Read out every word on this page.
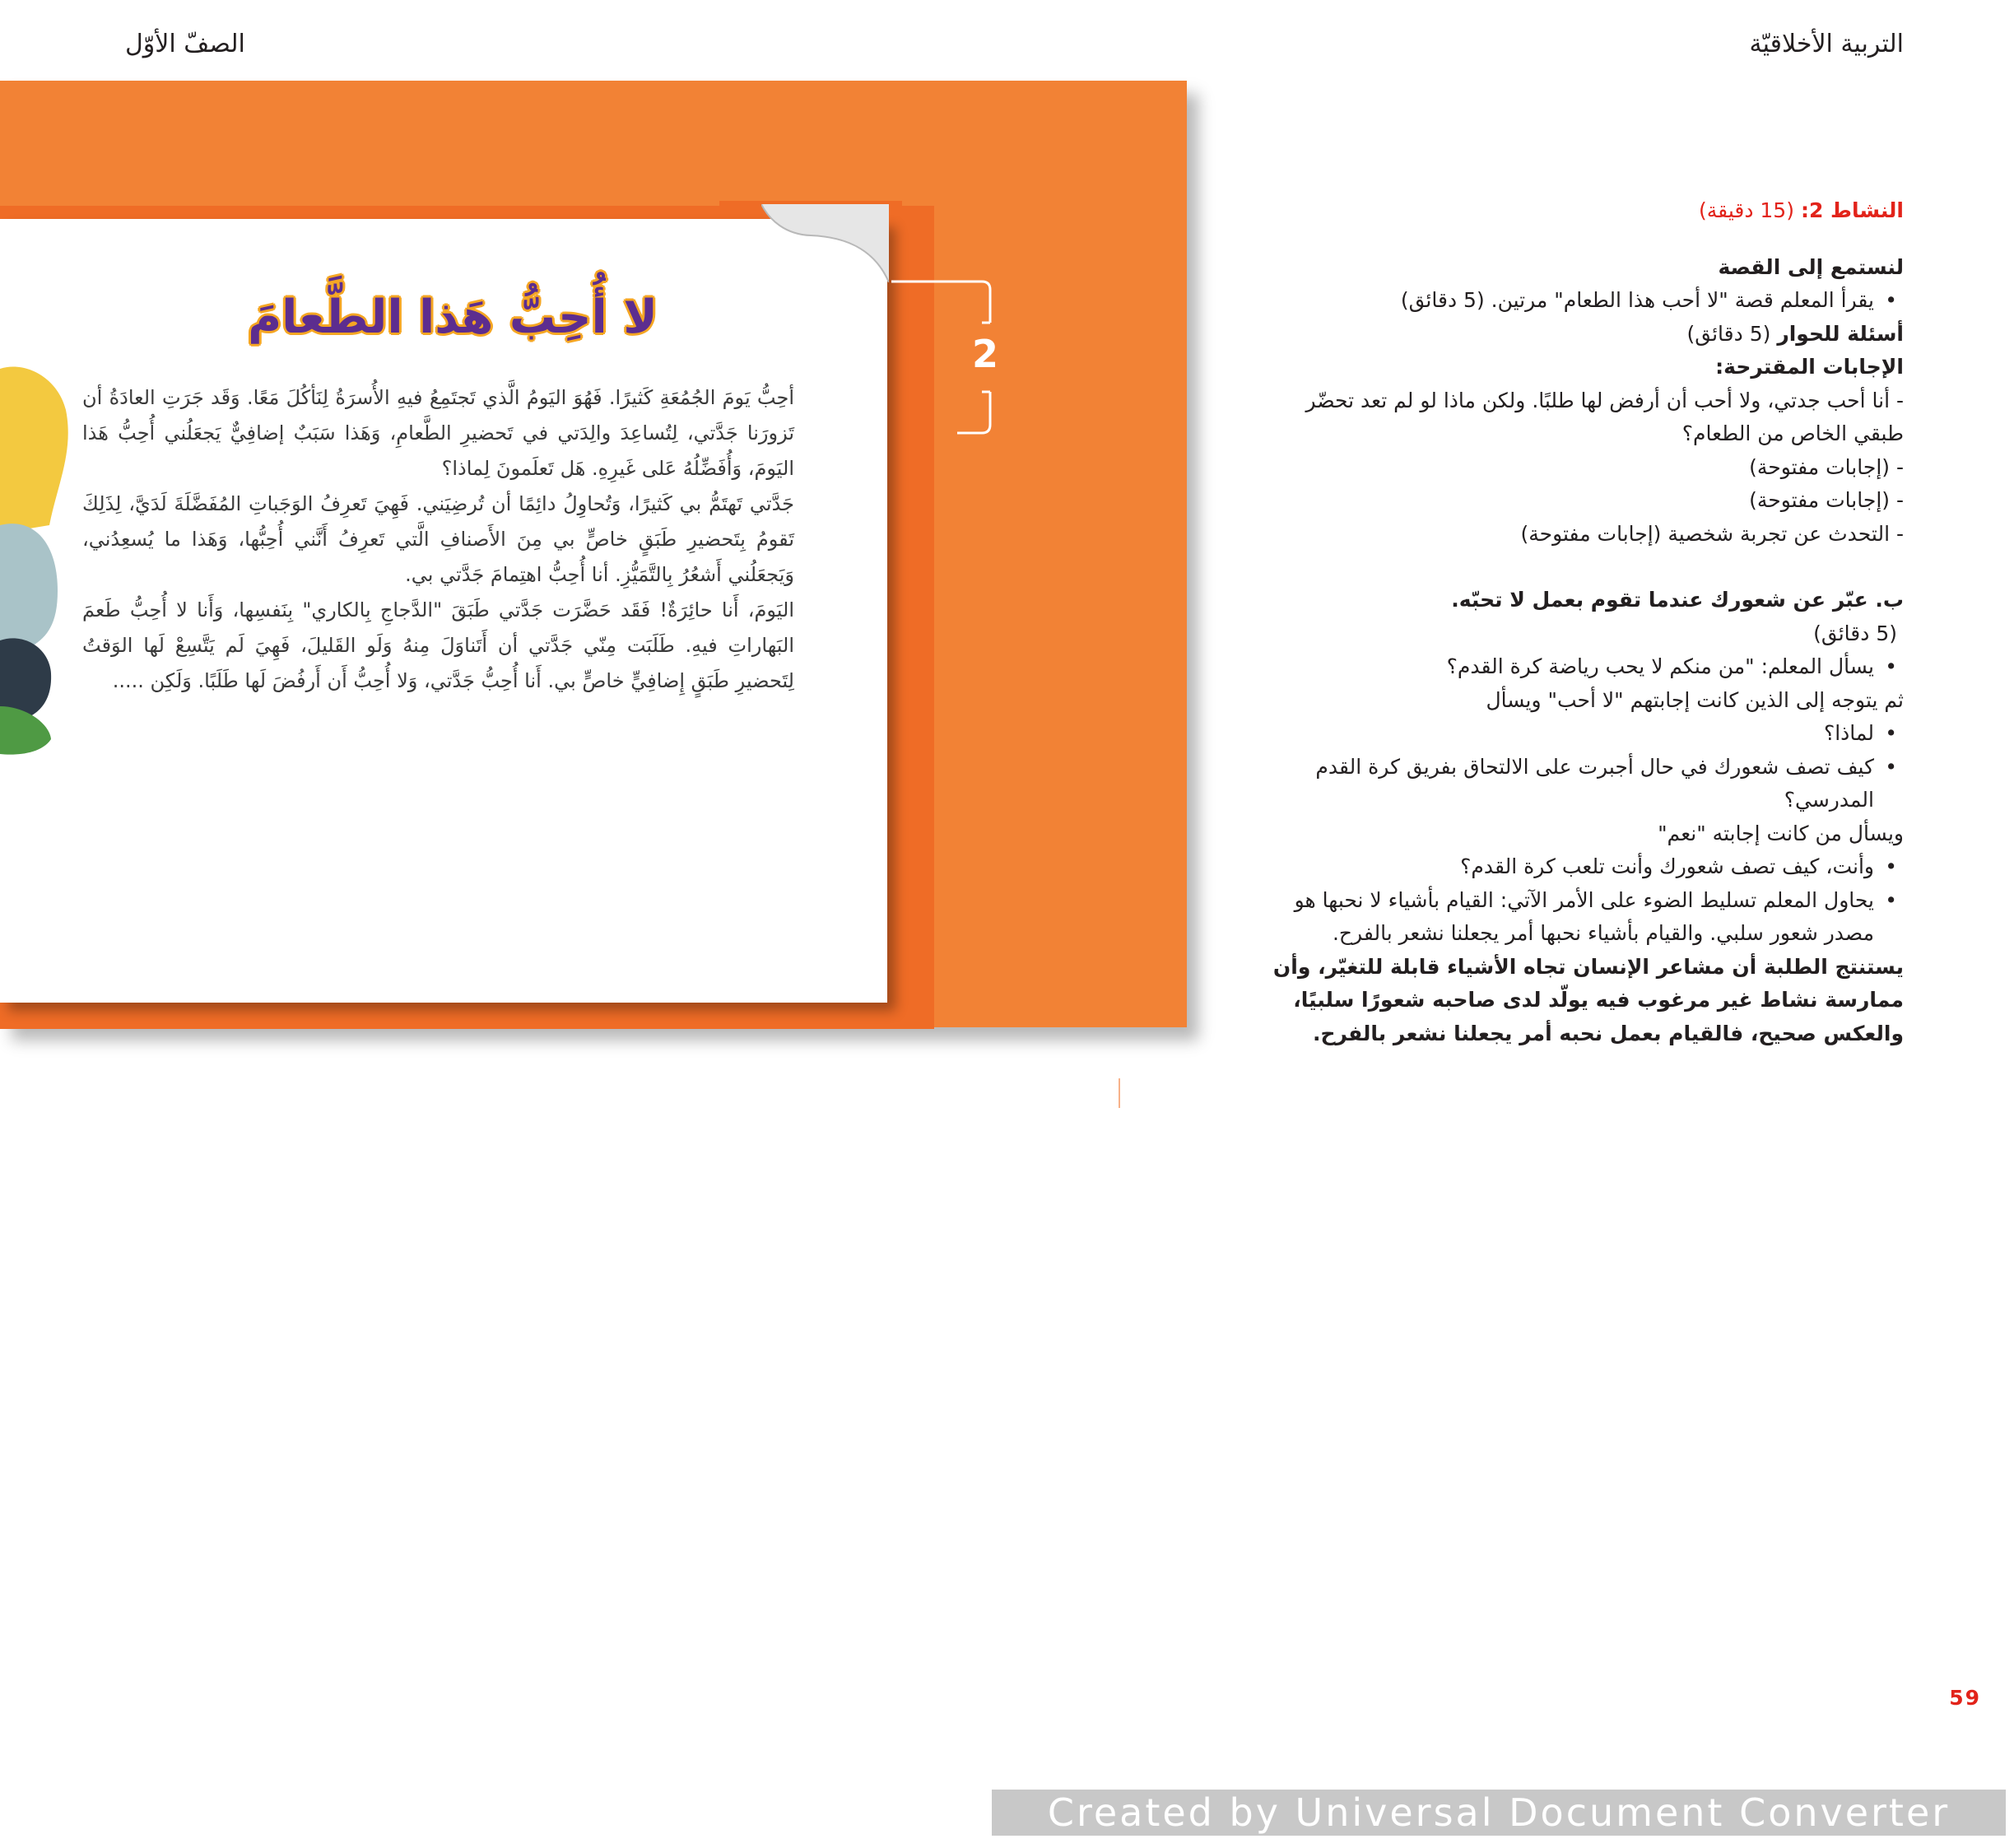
التربية الأخلاقيّة
الصفّ الأوّل
2
لا أُحِبُّ هَذا الطَّعامَ

أحِبُّ يَومَ الجُمُعَةِ كَثيرًا. فَهُوَ اليَومُ الَّذي تَجتَمِعُ فيهِ الأُسرَةُ لِنَأكُلَ مَعًا. وَقَد جَرَتِ العادَةُ أن تَزورَنا جَدَّتي، لِتُساعِدَ والِدَتي في تَحضيرِ الطَّعامِ، وَهَذا سَبَبٌ إضافِيٌّ يَجعَلُني أُحِبُّ هَذا اليَومَ، وَأُفَضِّلُهُ عَلى غَيرِهِ. هَل تَعلَمونَ لِماذا؟

جَدَّتي تَهتَمُّ بي كَثيرًا، وَتُحاوِلُ دائِمًا أن تُرضِيَني. فَهِيَ تَعرِفُ الوَجَباتِ المُفَضَّلَةَ لَدَيَّ، لِذَلِكَ تَقومُ بِتَحضيرِ طَبَقٍ خاصٍّ بي مِنَ الأَصنافِ الَّتي تَعرِفُ أَنَّني أُحِبُّها، وَهَذا ما يُسعِدُني، وَيَجعَلُني أَشعُرُ بِالتَّمَيُّزِ. أنا أُحِبُّ اهتِمامَ جَدَّتي بي.

اليَومَ، أَنا حائِرَةٌ! فَقَد حَضَّرَت جَدَّتي طَبَقَ "الدَّجاجِ بِالكاري" بِنَفسِها، وَأَنا لا أُحِبُّ طَعمَ البَهاراتِ فيهِ. طَلَبَت مِنّي جَدَّتي أن أَتَناوَلَ مِنهُ وَلَو القَليلَ، فَهِيَ لَم يَتَّسِعْ لَها الوَقتُ لِتَحضيرِ طَبَقٍ إِضافِيٍّ خاصٍّ بي. أَنا أُحِبُّ جَدَّتي، وَلا أُحِبُّ أَن أَرفُضَ لَها طَلَبًا. وَلَكِن .....

59

النشاط 2: (15 دقيقة)

لنستمع إلى القصة

• يقرأ المعلم قصة "لا أحب هذا الطعام" مرتين. (5 دقائق)

أسئلة للحوار (5 دقائق)

الإجابات المقترحة:

- أنا أحب جدتي، ولا أحب أن أرفض لها طلبًا. ولكن ماذا لو لم تعد تحضّر طبقي الخاص من الطعام؟

- (إجابات مفتوحة)

- (إجابات مفتوحة)

- التحدث عن تجربة شخصية (إجابات مفتوحة)

ب. عبّر عن شعورك عندما تقوم بعمل لا تحبّه.

(5 دقائق)

• يسأل المعلم: "من منكم لا يحب رياضة كرة القدم؟

ثم يتوجه إلى الذين كانت إجابتهم "لا أحب" ويسأل

• لماذا؟

• كيف تصف شعورك في حال أجبرت على الالتحاق بفريق كرة القدم المدرسي؟

ويسأل من كانت إجابته "نعم"

• وأنت، كيف تصف شعورك وأنت تلعب كرة القدم؟

• يحاول المعلم تسليط الضوء على الأمر الآتي: القيام بأشياء لا نحبها هو مصدر شعور سلبي. والقيام بأشياء نحبها أمر يجعلنا نشعر بالفرح.

يستنتج الطلبة أن مشاعر الإنسان تجاه الأشياء قابلة للتغيّر، وأن ممارسة نشاط غير مرغوب فيه يولّد لدى صاحبه شعورًا سلبيًا، والعكس صحيح، فالقيام بعمل نحبه أمر يجعلنا نشعر بالفرح.

59
Created by Universal Document Converter
